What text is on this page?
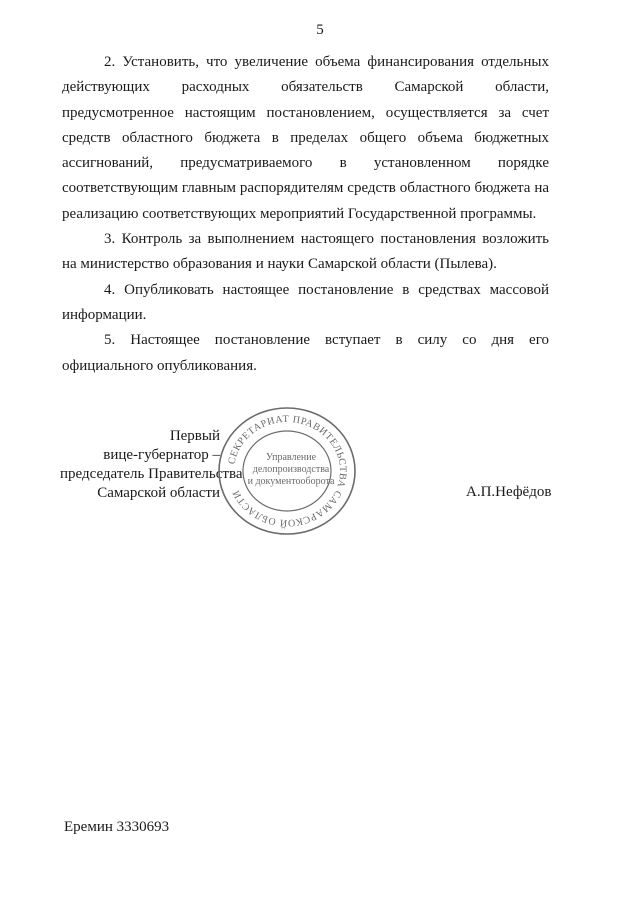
5

2. Установить, что увеличение объема финансирования отдельных действующих расходных обязательств Самарской области, предусмотренное настоящим постановлением, осуществляется за счет средств областного бюджета в пределах общего объема бюджетных ассигнований, предусматриваемого в установленном порядке соответствующим главным распорядителям средств областного бюджета на реализацию соответствующих мероприятий Государственной программы.

3. Контроль за выполнением настоящего постановления возложить на министерство образования и науки Самарской области (Пылева).

4. Опубликовать настоящее постановление в средствах массовой информации.

5. Настоящее постановление вступает в силу со дня его официального опубликования.

Первый
вице-губернатор –
председатель Правительства
Самарской области
СЕКРЕТАРИАТ ПРАВИТЕЛЬСТВА САМАРСКОЙ ОБЛАСТИ
Управление
делопроизводства
и документооборота
А.П.Нефёдов
Еремин 3330693
